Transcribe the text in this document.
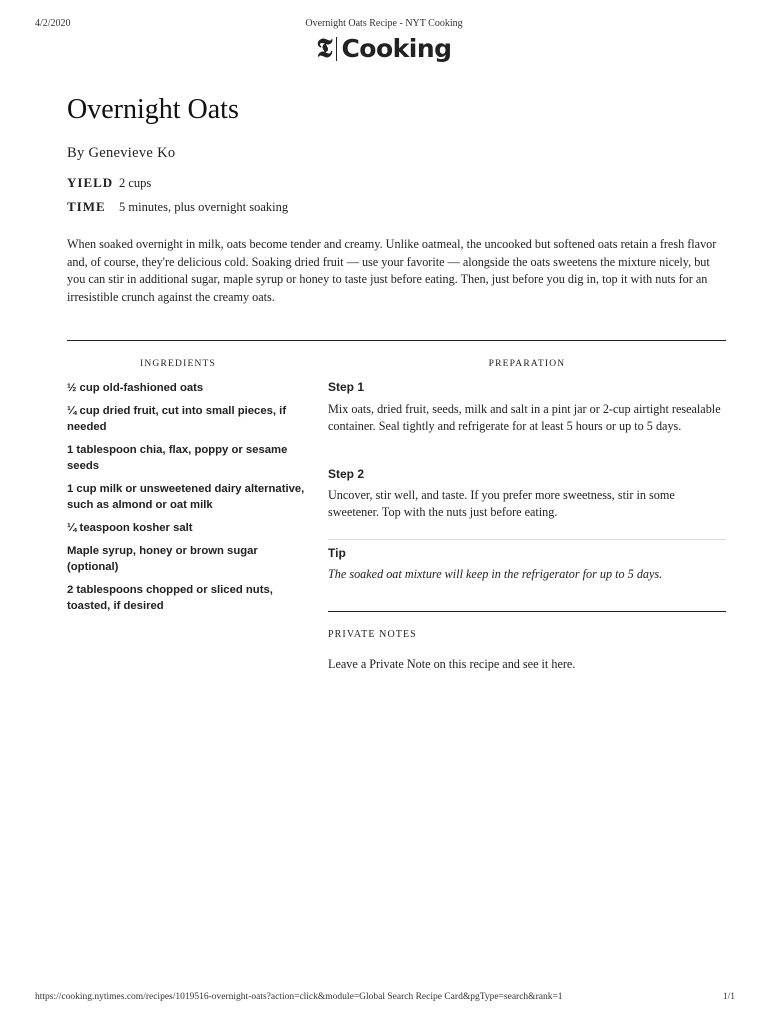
4/2/2020	Overnight Oats Recipe - NYT Cooking
𝕿 Cooking
Overnight Oats
By Genevieve Ko
YIELD 2 cups
TIME	5 minutes, plus overnight soaking

When soaked overnight in milk, oats become tender and creamy. Unlike oatmeal, the uncooked but softened oats retain a fresh flavor and, of course, they're delicious cold. Soaking dried fruit — use your favorite — alongside the oats sweetens the mixture nicely, but you can stir in additional sugar, maple syrup or honey to taste just before eating. Then, just before you dig in, top it with nuts for an irresistible crunch against the creamy oats.

INGREDIENTS	PREPARATION
½ cup old-fashioned oats
¼ cup dried fruit, cut into small pieces, if needed
1 tablespoon chia, flax, poppy or sesame seeds
1 cup milk or unsweetened dairy alternative, such as almond or oat milk
¼ teaspoon kosher salt
Maple syrup, honey or brown sugar (optional)
2 tablespoons chopped or sliced nuts, toasted, if desired
Step 1

Mix oats, dried fruit, seeds, milk and salt in a pint jar or 2-cup airtight resealable container. Seal tightly and refrigerate for at least 5 hours or up to 5 days.

Step 2

Uncover, stir well, and taste. If you prefer more sweetness, stir in some sweetener. Top with the nuts just before eating.

Tip

The soaked oat mixture will keep in the refrigerator for up to 5 days.

PRIVATE NOTES
Leave a Private Note on this recipe and see it here.
https://cooking.nytimes.com/recipes/1019516-overnight-oats?action=click&module=Global Search Recipe Card&pgType=search&rank=1	1/1
